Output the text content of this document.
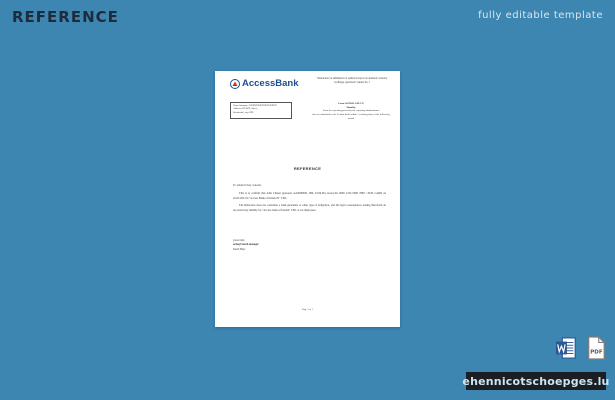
REFERENCE	fully editable template
AccessBank	"Instruction on submission of statistical report on domestic currency exchange operations" Annex No 1
Name/Surname: XXXXXXXXXXXXXXXX
Address: ZZ-ZZZ, Street,
Residential, city ZZZ
Form OZPKB-1 REVN
Monthly
From the reporting period by the reporting administrator
due for submitted to the Central bank within 1 working days of the following month
REFERENCE

To whom it may concern,

This is to confirm that John Citizen (passport AA0000000, ID9, 23.09.00) stored the 0000 1234 0000 7890 / EUR CARD on 22.03.2023 in "Access Bank of Ireland N" CBC.

The Reference does not constitute a bank guarantee or other type of obligation, and the legal consequences arising therefrom do not entail any liability for "Access bank of Ireland" CBC or its employees.

yours truly,
acting branch manager
Kevin Hays
Page 1 of 1
PDF
ehennicotschoepges.lu
